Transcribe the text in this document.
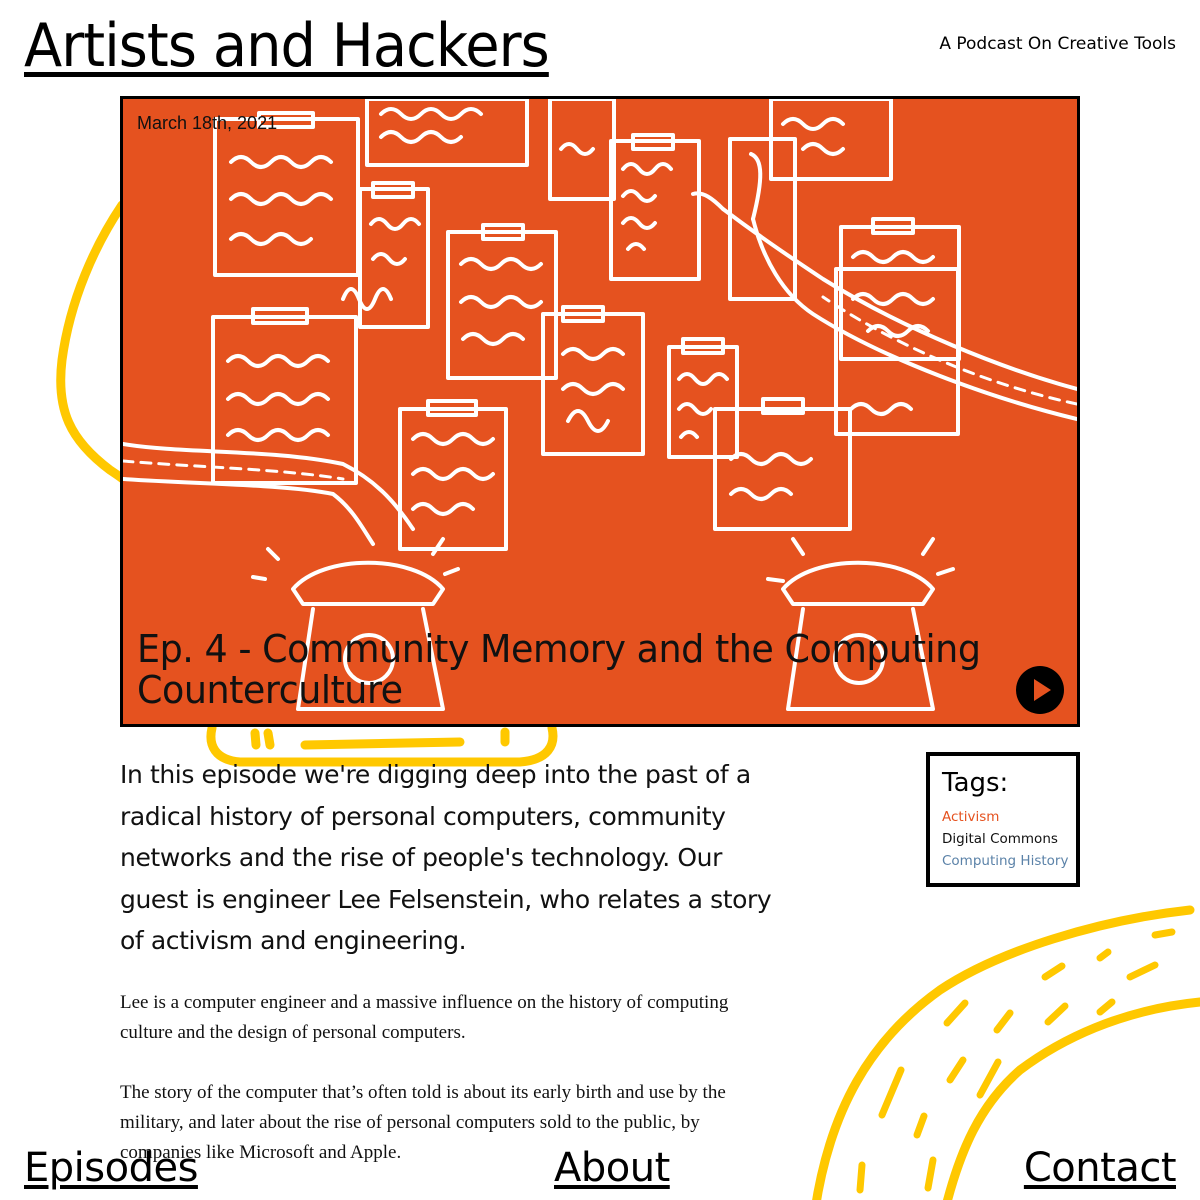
Artists and Hackers	A Podcast On Creative Tools
March 18th, 2021
Ep. 4 - Community Memory and the Computing Counterculture
In this episode we're digging deep into the past of a radical history of personal computers, community networks and the rise of people's technology. Our guest is engineer Lee Felsenstein, who relates a story of activism and engineering.
Tags:
Activism
Digital Commons
Computing History

Lee is a computer engineer and a massive influence on the history of computing culture and the design of personal computers.

The story of the computer that’s often told is about its early birth and use by the military, and later about the rise of personal computers sold to the public, by companies like Microsoft and Apple.

Episodes	About	Contact
